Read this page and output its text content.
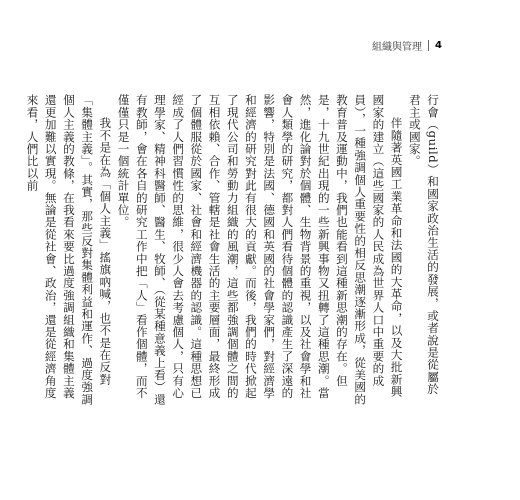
組織與管理 4

行會（guild）和國家政治生活的發展，或者說是從屬於君主或國家。

伴隨著英國工業革命和法國的大革命，以及大批新興國家的建立（這些國家的人民成為世界人口中重要的成員），一種強調個人重要性的相反思潮逐漸形成，從美國的教育普及運動中，我們也能看到這種新思潮的存在。但是，十九世紀出現的一些新興事物又扭轉了這種思潮。當然，進化論對於個體、生物背景的重視，以及社會學和社會人類學的研究，都對人們看待個體的認識產生了深遠的影響，特別是法國、德國和英國的社會學家們，對經濟學和經濟的研究對此有很大的貢獻。而後，我們的時代掀起了現代公司和勞動力組織的風潮，這些都強調個體之間的互相依賴、合作、管轄是社會生活的主要層面，最終形成了個體服從於國家、社會和經濟機器的認識。這種思想已經成了人們習慣性的思維，很少人會去考慮個人，只有心理學家、精神科醫師、醫生、牧師、（從某種意義上看）還有教師，會在各自的研究工作中把「人」看作個體，而不僅僅只是一個統計單位。

我不是在為「個人主義」搖旗吶喊，也不是在反對「集體主義」。其實，那些反對集體利益和運作、過度強調個人主義的教條，在我看來要比過度強調組織和集體主義還更加難以實現。無論是從社會、政治，還是從經濟角度來看，人們比以前
